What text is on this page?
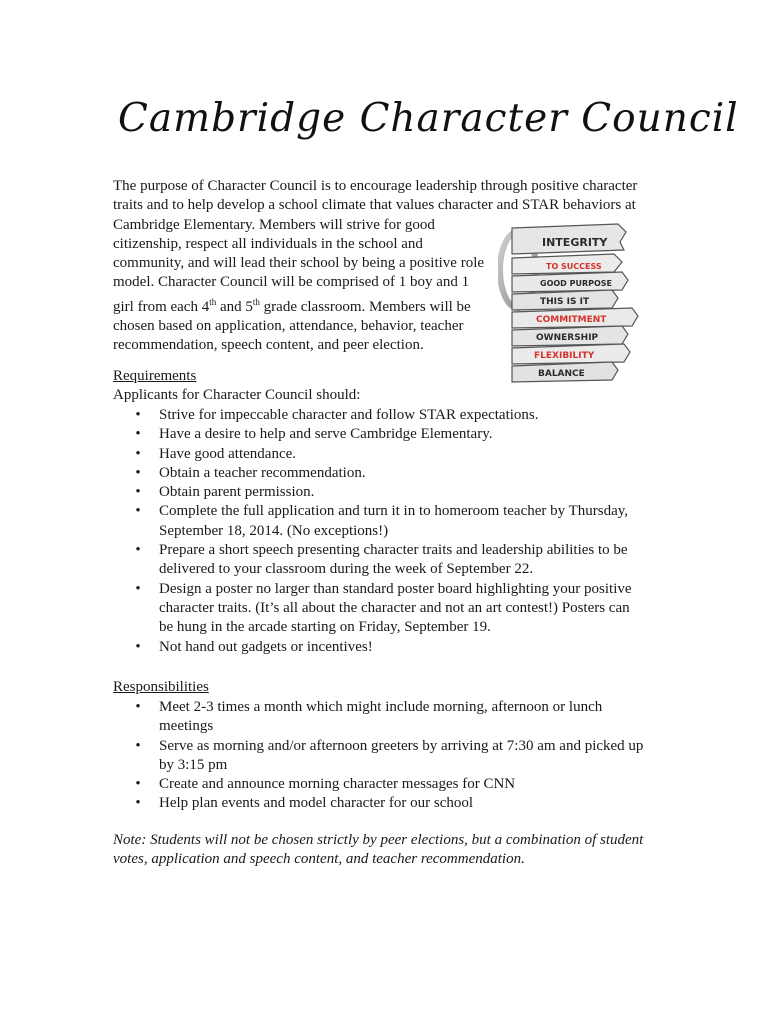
Cambridge Character Council
The purpose of Character Council is to encourage leadership through positive character
traits and to help develop a school climate that values character and STAR behaviors at
Cambridge Elementary. Members will strive for good
citizenship, respect all individuals in the school and
community, and will lead their school by being a positive role
model. Character Council will be comprised of 1 boy and 1
girl from each 4th and 5th grade classroom. Members will be
chosen based on application, attendance, behavior, teacher
recommendation, speech content, and peer election.
INTEGRITY
TO SUCCESS
GOOD PURPOSE
THIS IS IT
COMMITMENT
OWNERSHIP
FLEXIBILITY
BALANCE
Requirements
Applicants for Character Council should:
• Strive for impeccable character and follow STAR expectations.
• Have a desire to help and serve Cambridge Elementary.
• Have good attendance.
• Obtain a teacher recommendation.
• Obtain parent permission.
• Complete the full application and turn it in to homeroom teacher by Thursday,
September 18, 2014. (No exceptions!)
• Prepare a short speech presenting character traits and leadership abilities to be
delivered to your classroom during the week of September 22.
• Design a poster no larger than standard poster board highlighting your positive
character traits. (It’s all about the character and not an art contest!) Posters can
be hung in the arcade starting on Friday, September 19.
• Not hand out gadgets or incentives!
Responsibilities
• Meet 2-3 times a month which might include morning, afternoon or lunch
meetings
• Serve as morning and/or afternoon greeters by arriving at 7:30 am and picked up
by 3:15 pm
• Create and announce morning character messages for CNN
• Help plan events and model character for our school
Note: Students will not be chosen strictly by peer elections, but a combination of student
votes, application and speech content, and teacher recommendation.
